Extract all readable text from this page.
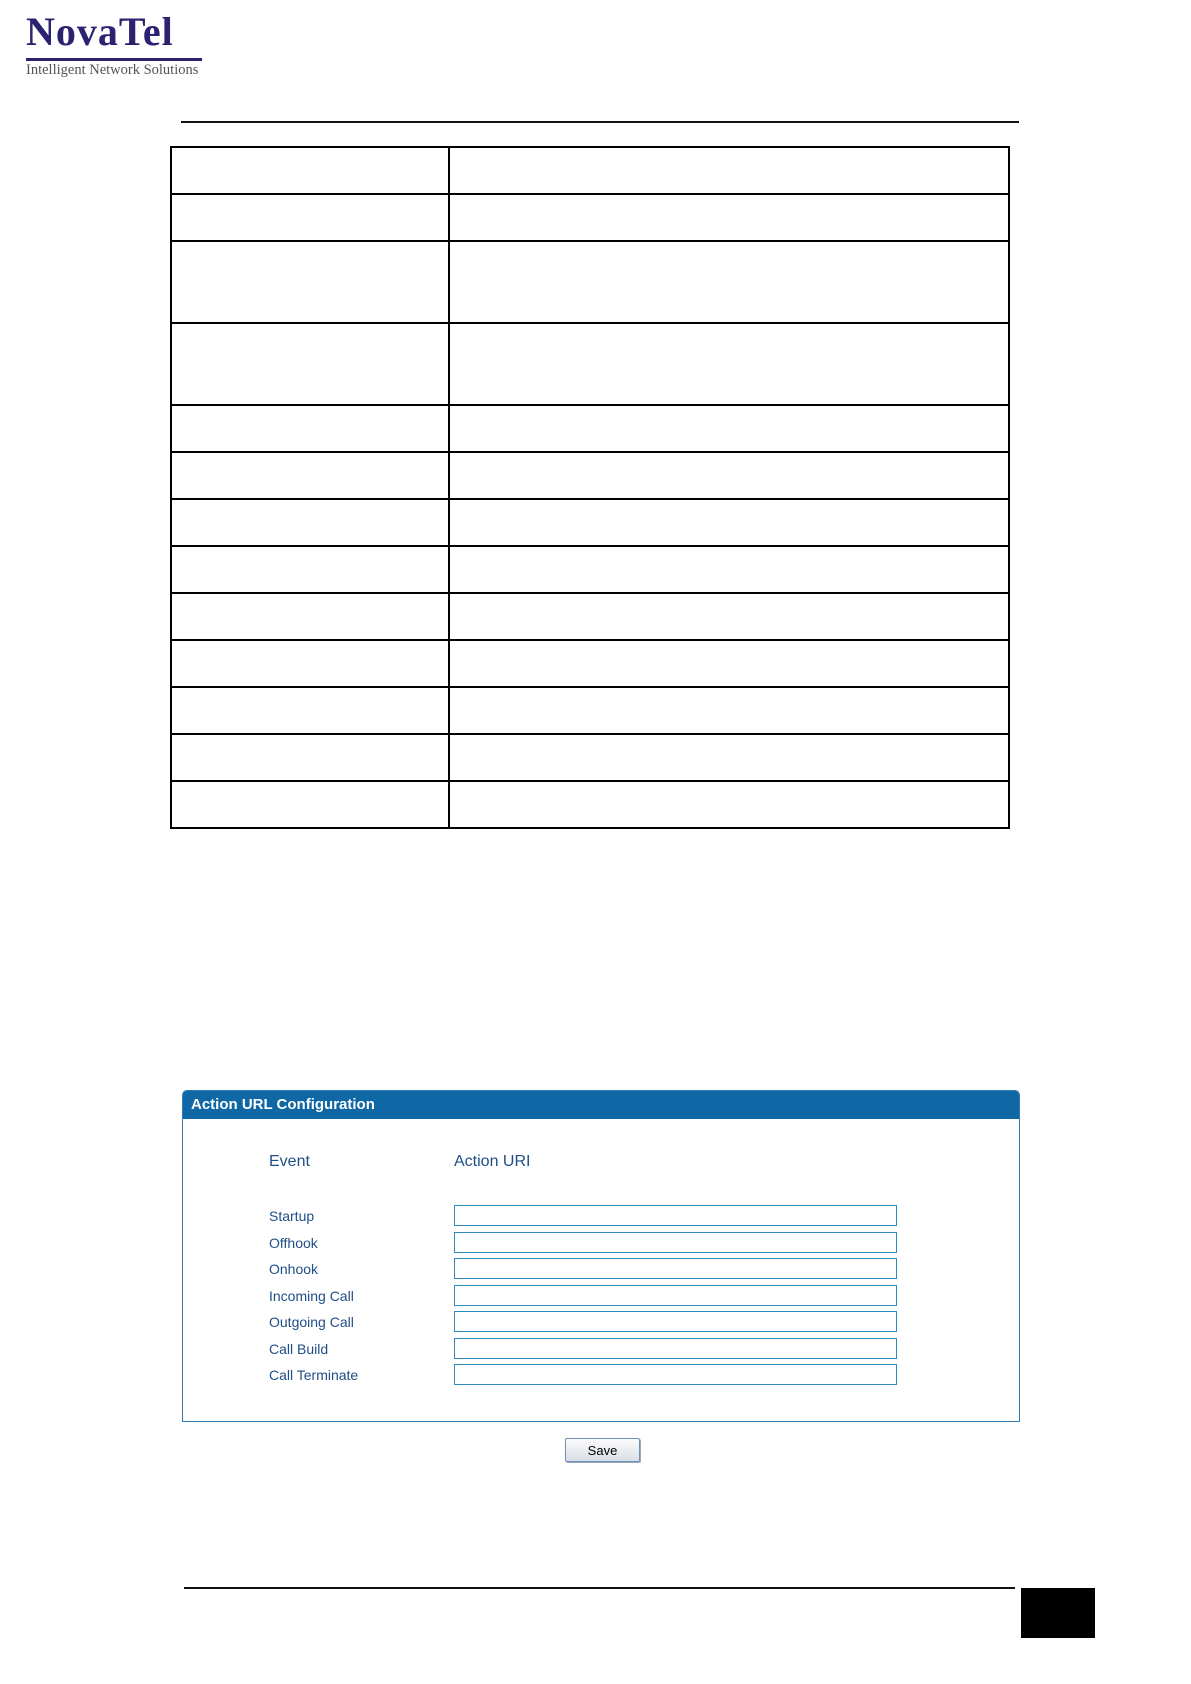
NovaTel
Intelligent Network Solutions

Action URL Configuration
Event	Action URI
Startup
Offhook
Onhook
Incoming Call
Outgoing Call
Call Build
Call Terminate
Save
